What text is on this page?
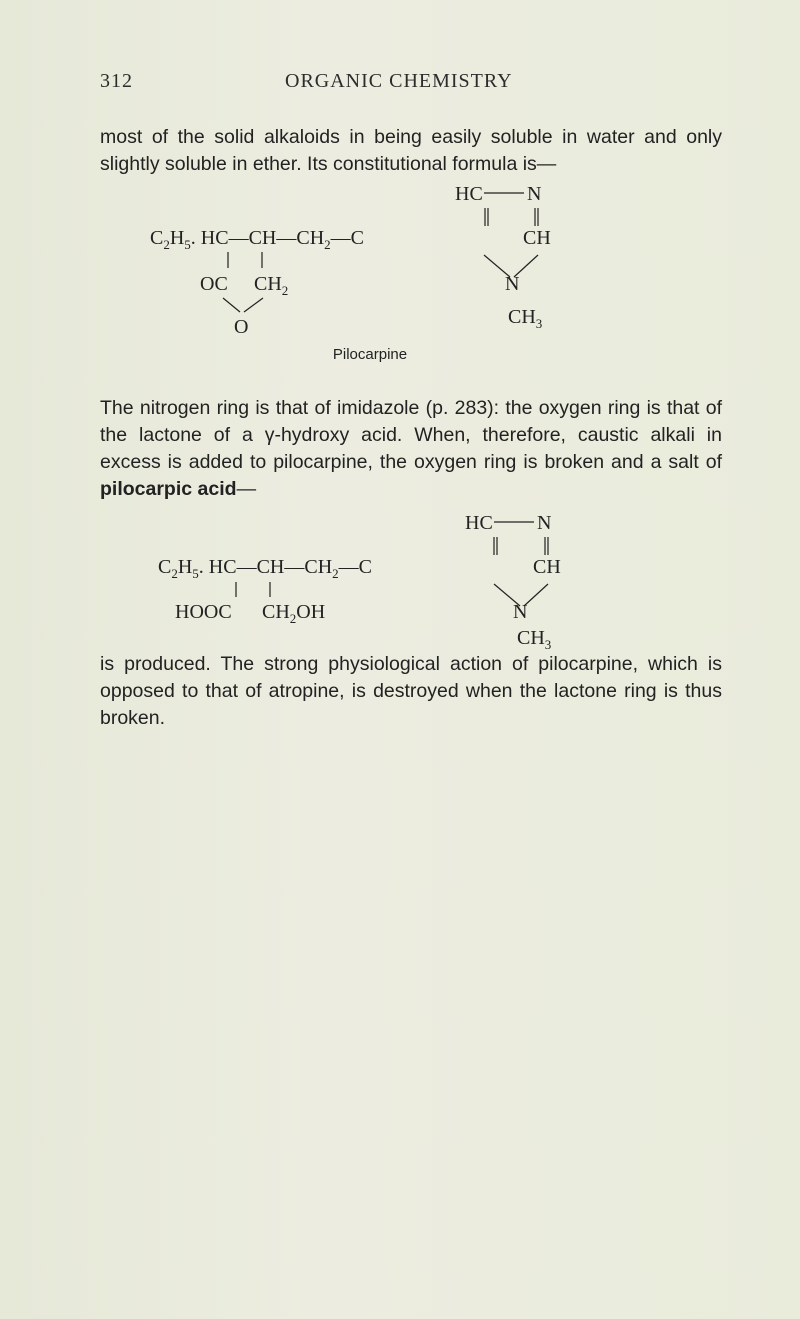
312	ORGANIC CHEMISTRY

most of the solid alkaloids in being easily soluble in water and only slightly soluble in ether. Its constitutional formula is—

HC N
$C_2H_5$. $HC—CH—CH_2—C$	CH
OC $CH_2$	N
O	$CH_3$
HC N
$C_2H_5$. $HC—CH—CH_2—C$	CH
HOOC $CH_2OH$	N
$CH_3$
Pilocarpine

The nitrogen ring is that of imidazole (p. 283): the oxygen ring is that of the lactone of a γ-hydroxy acid. When, therefore, caustic alkali in excess is added to pilocarpine, the oxygen ring is broken and a salt of pilocarpic acid—

is produced. The strong physiological action of pilocarpine, which is opposed to that of atropine, is destroyed when the lactone ring is thus broken.
